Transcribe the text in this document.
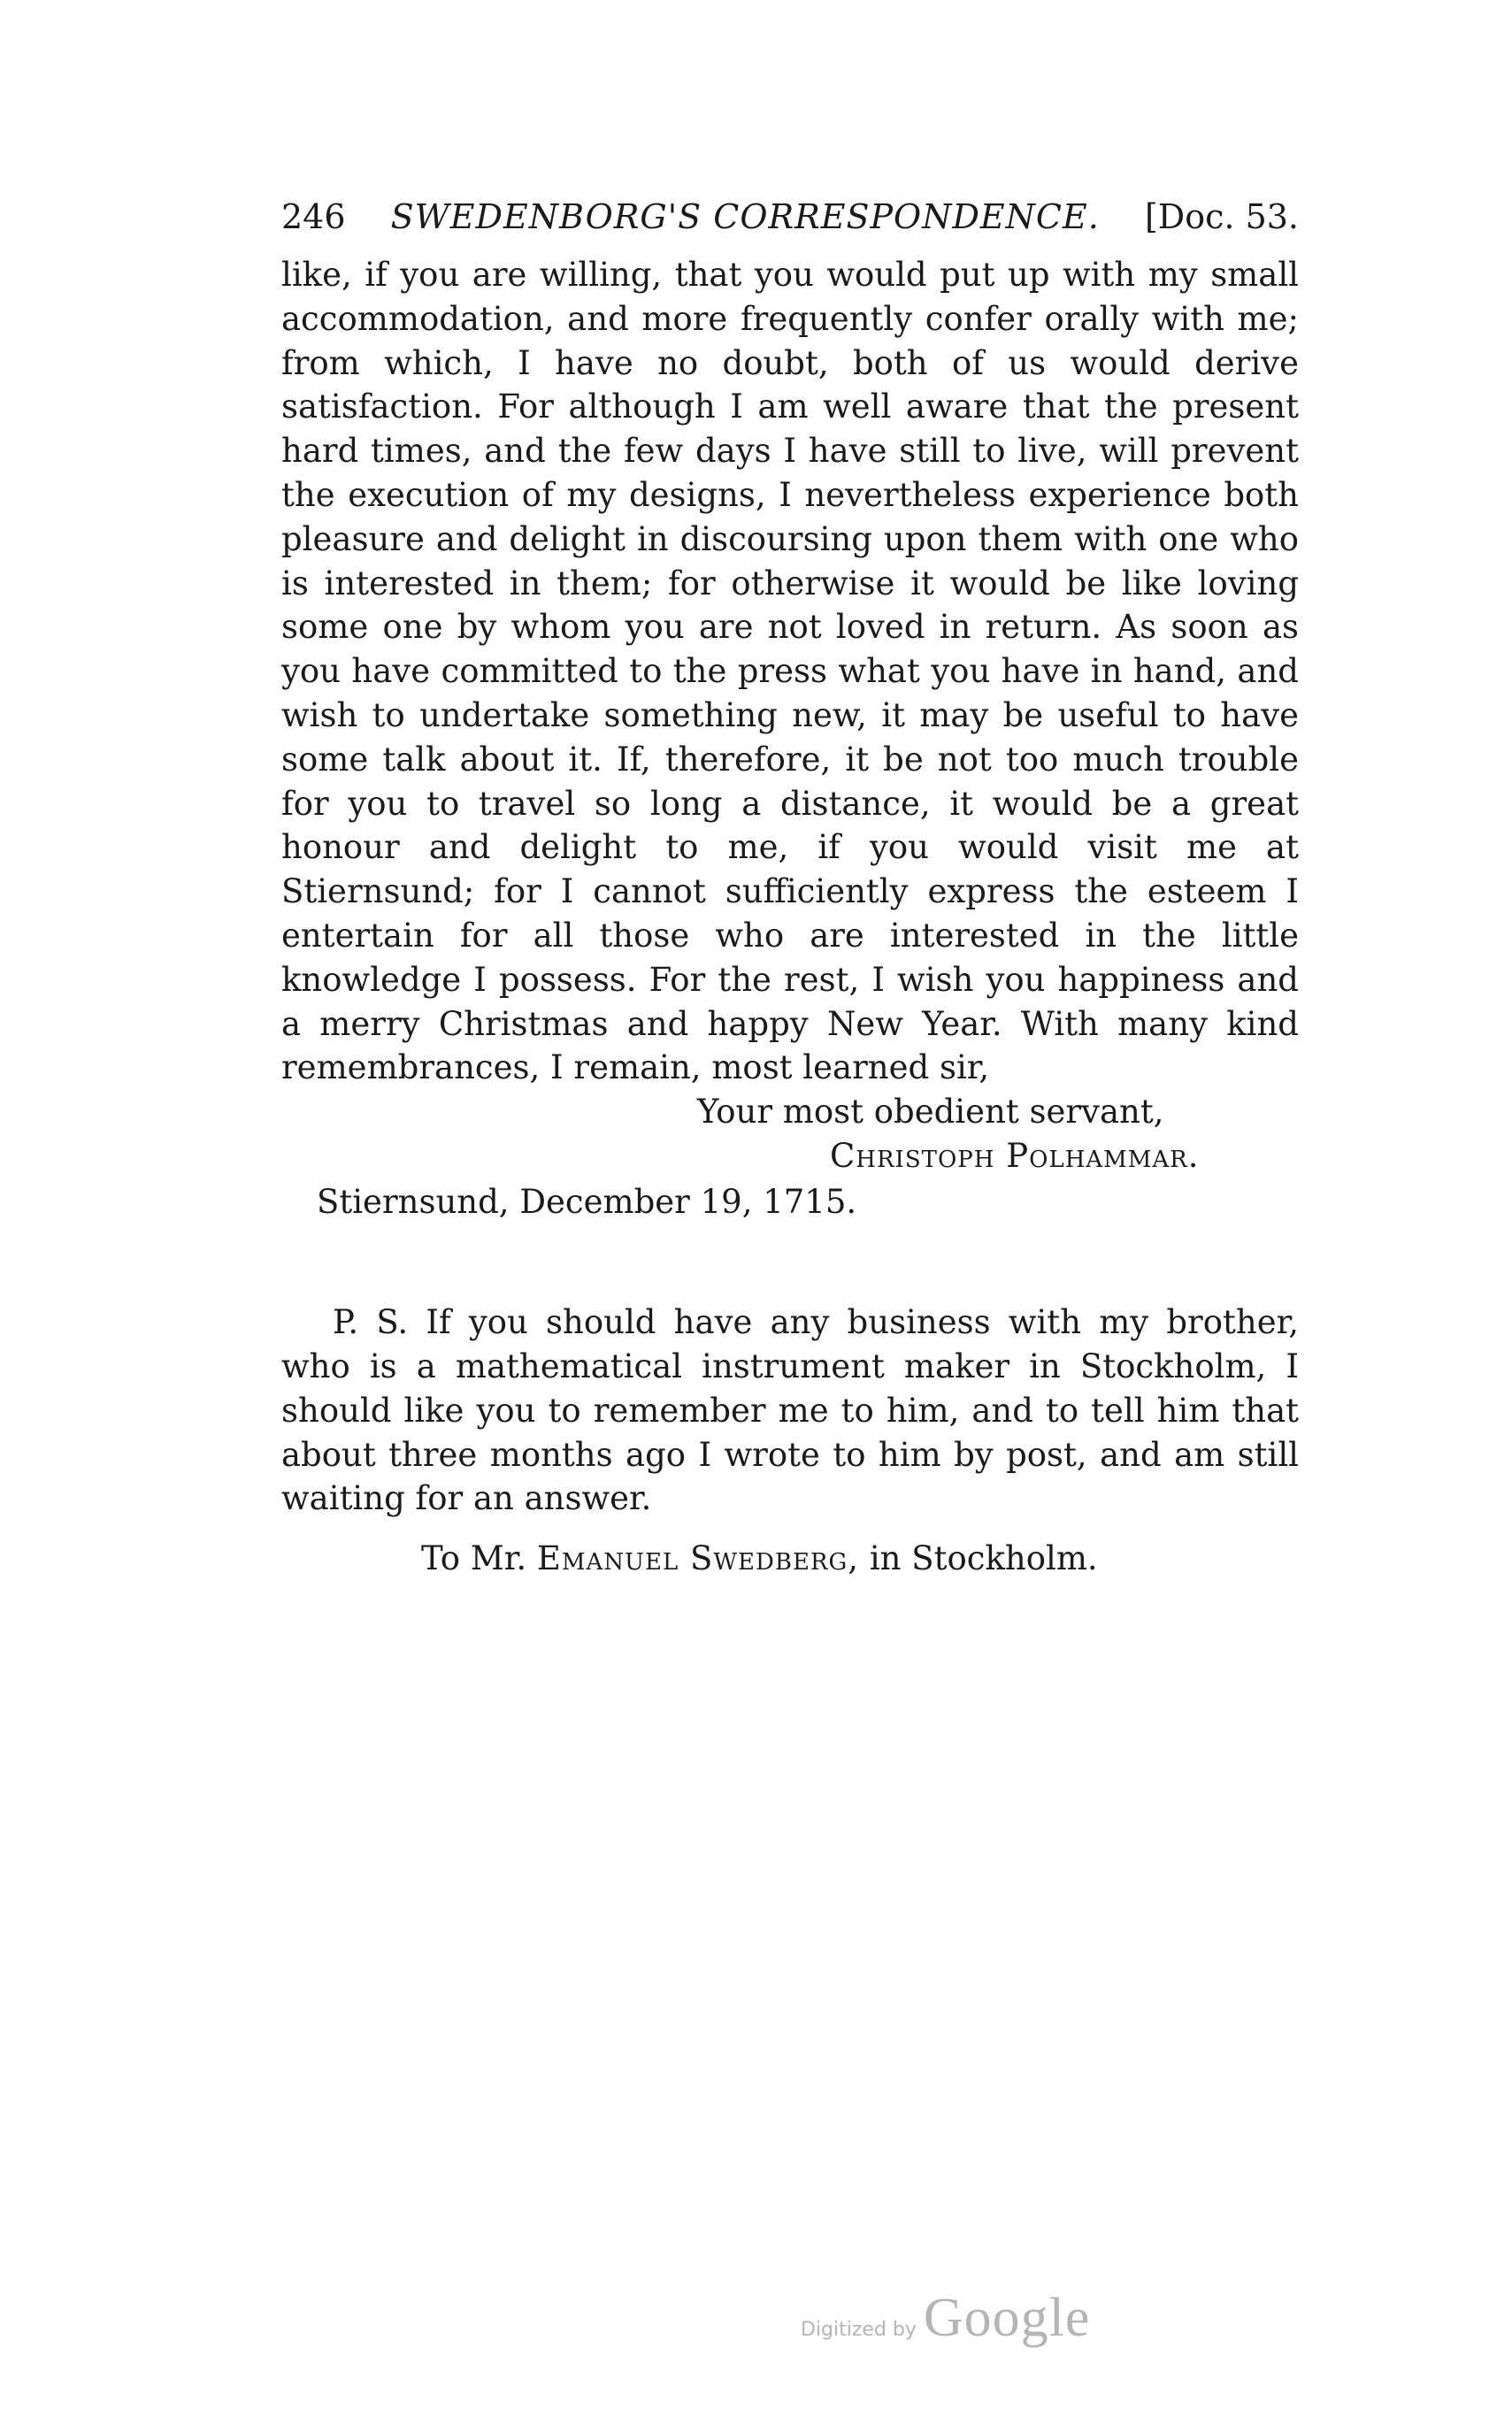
246 SWEDENBORG'S CORRESPONDENCE. [Doc. 53.

like, if you are willing, that you would put up with my small accommodation, and more frequently confer orally with me; from which, I have no doubt, both of us would derive satisfaction. For although I am well aware that the present hard times, and the few days I have still to live, will prevent the execution of my designs, I nevertheless experience both pleasure and delight in discoursing upon them with one who is interested in them; for otherwise it would be like loving some one by whom you are not loved in return. As soon as you have committed to the press what you have in hand, and wish to undertake something new, it may be useful to have some talk about it. If, therefore, it be not too much trouble for you to travel so long a distance, it would be a great honour and delight to me, if you would visit me at Stiernsund; for I cannot sufficiently express the esteem I entertain for all those who are interested in the little knowledge I possess. For the rest, I wish you happiness and a merry Christmas and happy New Year. With many kind remembrances, I remain, most learned sir,

Your most obedient servant,
Christoph Polhammar.
Stiernsund, December 19, 1715.

P. S. If you should have any business with my brother, who is a mathematical instrument maker in Stockholm, I should like you to remember me to him, and to tell him that about three months ago I wrote to him by post, and am still waiting for an answer.

To Mr. Emanuel Swedberg, in Stockholm.
Digitized by Google
